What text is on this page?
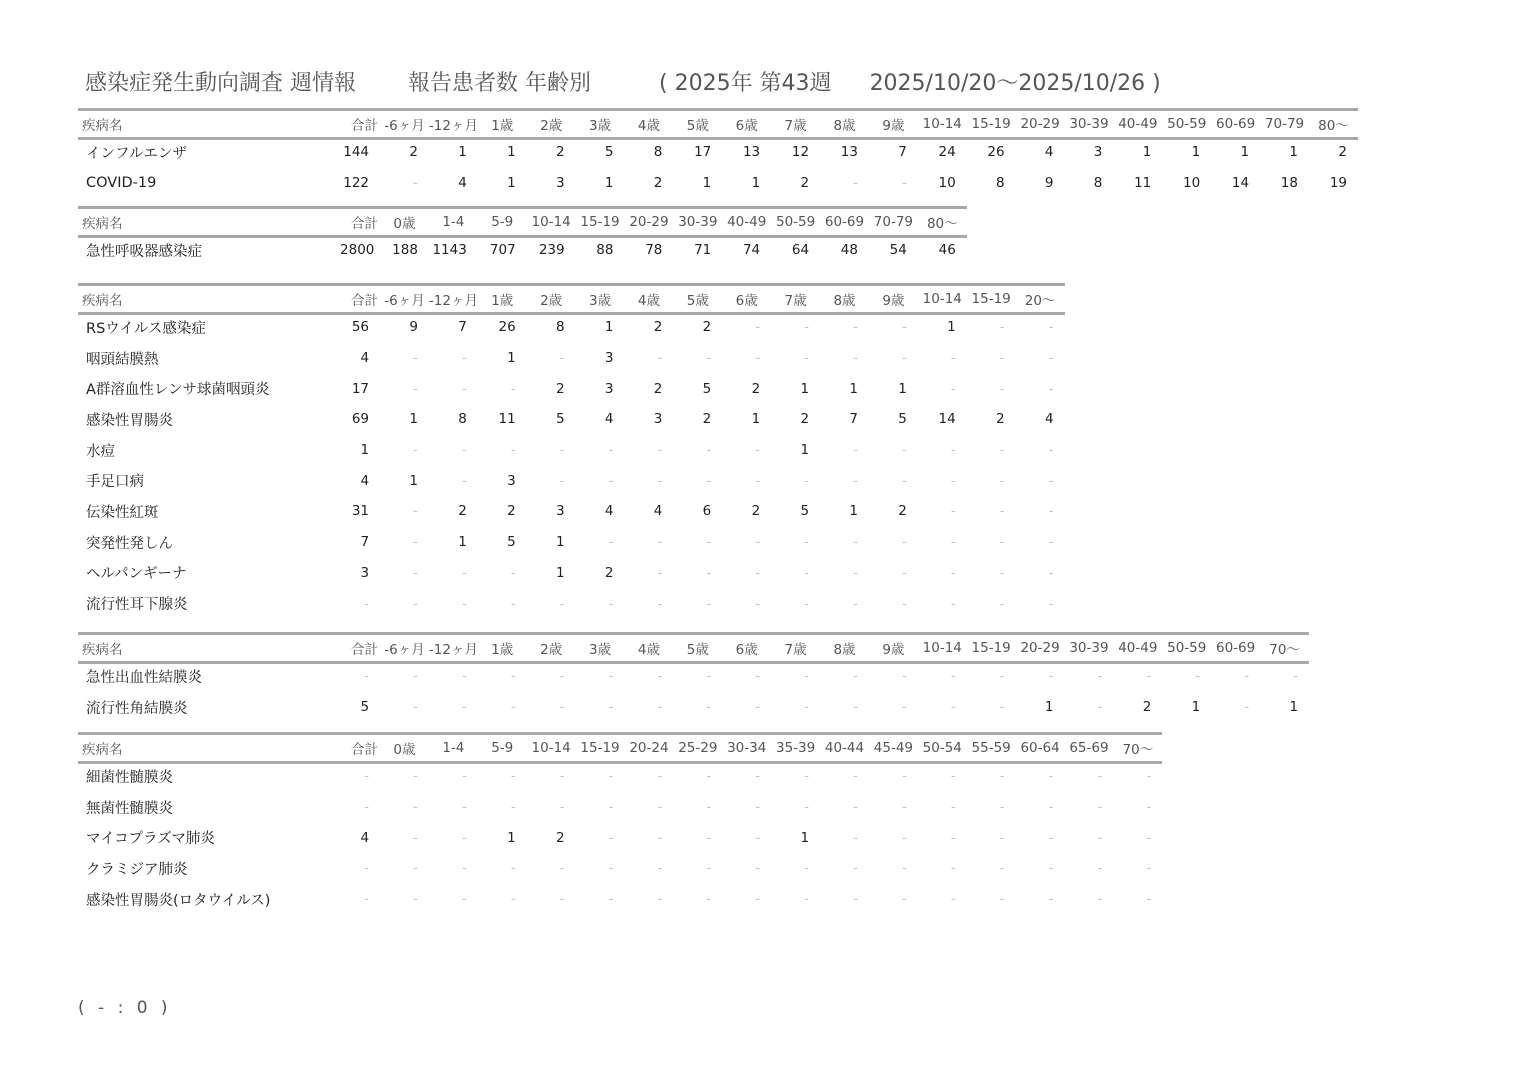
感染症発生動向調査 週情報 報告患者数 年齢別	( 2025年 第43週 2025/10/20～2025/10/26 )
疾病名	合計	-6ヶ月	-12ヶ月	1歳	2歳	3歳	4歳	5歳	6歳	7歳	8歳	9歳	10-14	15-19	20-29	30-39	40-49	50-59	60-69	70-79	80～
インフルエンザ	144	2	1	1	2	5	8	17	13	12	13	7	24	26	4	3	1	1	1	1	2
COVID-19	122	-	4	1	3	1	2	1	1	2	-	-	10	8	9	8	11	10	14	18	19
疾病名	合計	0歳	1-4	5-9	10-14	15-19	20-29	30-39	40-49	50-59	60-69	70-79	80～
急性呼吸器感染症	2800	188	1143	707	239	88	78	71	74	64	48	54	46
疾病名	合計	-6ヶ月	-12ヶ月	1歳	2歳	3歳	4歳	5歳	6歳	7歳	8歳	9歳	10-14	15-19	20～
RSウイルス感染症	56	9	7	26	8	1	2	2	-	-	-	-	1	-	-
咽頭結膜熱	4	-	-	1	-	3	-	-	-	-	-	-	-	-	-
A群溶血性レンサ球菌咽頭炎	17	-	-	-	2	3	2	5	2	1	1	1	-	-	-
感染性胃腸炎	69	1	8	11	5	4	3	2	1	2	7	5	14	2	4
水痘	1	-	-	-	-	-	-	-	-	1	-	-	-	-	-
手足口病	4	1	-	3	-	-	-	-	-	-	-	-	-	-	-
伝染性紅斑	31	-	2	2	3	4	4	6	2	5	1	2	-	-	-
突発性発しん	7	-	1	5	1	-	-	-	-	-	-	-	-	-	-
ヘルパンギーナ	3	-	-	-	1	2	-	-	-	-	-	-	-	-	-
流行性耳下腺炎	-	-	-	-	-	-	-	-	-	-	-	-	-	-	-
疾病名	合計	-6ヶ月	-12ヶ月	1歳	2歳	3歳	4歳	5歳	6歳	7歳	8歳	9歳	10-14	15-19	20-29	30-39	40-49	50-59	60-69	70～
急性出血性結膜炎	-	-	-	-	-	-	-	-	-	-	-	-	-	-	-	-	-	-	-	-
流行性角結膜炎	5	-	-	-	-	-	-	-	-	-	-	-	-	-	1	-	2	1	-	1
疾病名	合計	0歳	1-4	5-9	10-14	15-19	20-24	25-29	30-34	35-39	40-44	45-49	50-54	55-59	60-64	65-69	70～
細菌性髄膜炎	-	-	-	-	-	-	-	-	-	-	-	-	-	-	-	-	-
無菌性髄膜炎	-	-	-	-	-	-	-	-	-	-	-	-	-	-	-	-	-
マイコプラズマ肺炎	4	-	-	1	2	-	-	-	-	1	-	-	-	-	-	-	-
クラミジア肺炎	-	-	-	-	-	-	-	-	-	-	-	-	-	-	-	-	-
感染性胃腸炎(ロタウイルス)	-	-	-	-	-	-	-	-	-	-	-	-	-	-	-	-	-
( - : 0 )
